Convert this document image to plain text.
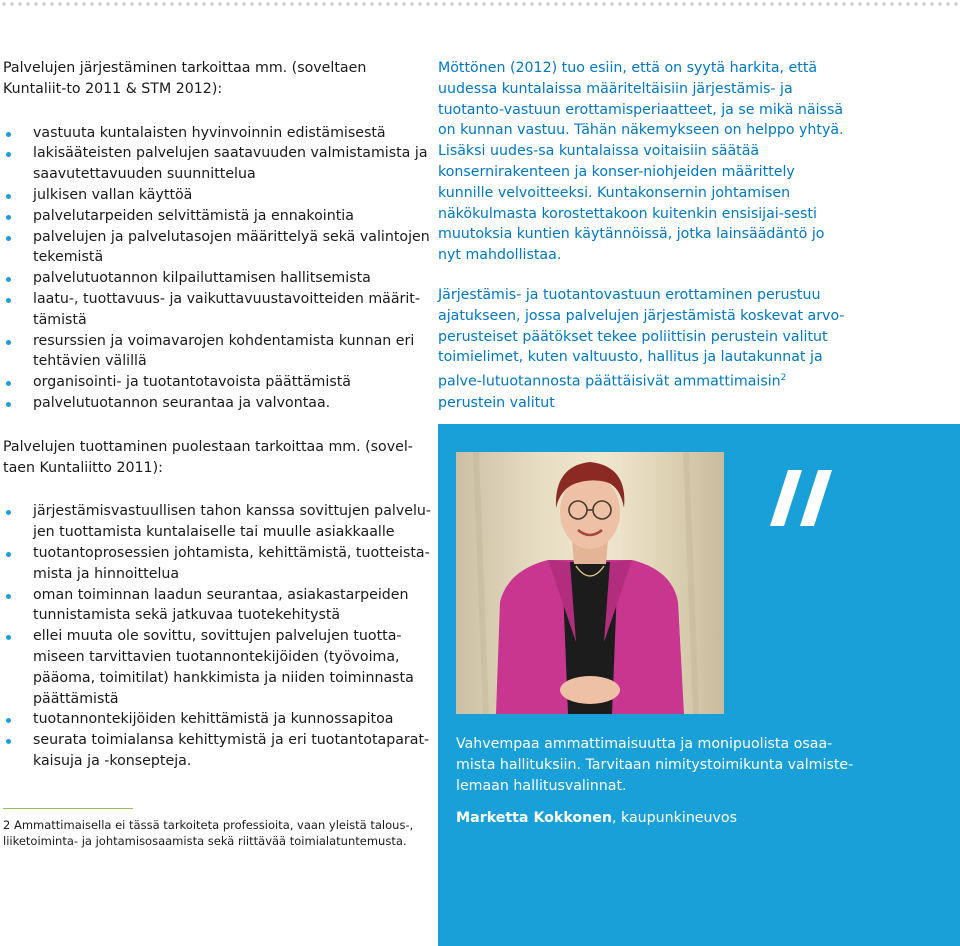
Palvelujen järjestäminen tarkoittaa mm. (soveltaen Kuntaliit-to 2011 & STM 2012):

vastuuta kuntalaisten hyvinvoinnin edistämisestä
lakisääteisten palvelujen saatavuuden valmistamista ja saavutettavuuden suunnittelua
julkisen vallan käyttöä
palvelutarpeiden selvittämistä ja ennakointia
palvelujen ja palvelutasojen määrittelyä sekä valintojen tekemistä
palvelutuotannon kilpailuttamisen hallitsemista
laatu-, tuottavuus- ja vaikuttavuustavoitteiden määrit-tämistä
resurssien ja voimavarojen kohdentamista kunnan eri tehtävien välillä
organisointi- ja tuotantotavoista päättämistä
palvelutuotannon seurantaa ja valvontaa.

Palvelujen tuottaminen puolestaan tarkoittaa mm. (sovel-taen Kuntaliitto 2011):

järjestämisvastuullisen tahon kanssa sovittujen palvelu-jen tuottamista kuntalaiselle tai muulle asiakkaalle
tuotantoprosessien johtamista, kehittämistä, tuotteista-mista ja hinnoittelua
oman toiminnan laadun seurantaa, asiakastarpeiden tunnistamista sekä jatkuvaa tuotekehitystä
ellei muuta ole sovittu, sovittujen palvelujen tuotta-miseen tarvittavien tuotannontekijöiden (työvoima, pääoma, toimitilat) hankkimista ja niiden toiminnasta päättämistä
tuotannontekijöiden kehittämistä ja kunnossapitoa
seurata toimialansa kehittymistä ja eri tuotantotaparat-kaisuja ja -konsepteja.
2 Ammattimaisella ei tässä tarkoiteta professioita, vaan yleistä talous-, liiketoiminta- ja johtamisosaamista sekä riittävää toimialatuntemusta.

Möttönen (2012) tuo esiin, että on syytä harkita, että uudessa kuntalaissa määriteltäisiin järjestämis- ja tuotanto-vastuun erottamisperiaatteet, ja se mikä näissä on kunnan vastuu. Tähän näkemykseen on helppo yhtyä. Lisäksi uudes-sa kuntalaissa voitaisiin säätää konsernirakenteen ja konser-niohjeiden määrittely kunnille velvoitteeksi. Kuntakonsernin johtamisen näkökulmasta korostettakoon kuitenkin ensisijai-sesti muutoksia kuntien käytännöissä, jotka lainsäädäntö jo nyt mahdollistaa.

Järjestämis- ja tuotantovastuun erottaminen perustuu ajatukseen, jossa palvelujen järjestämistä koskevat arvo-perusteiset päätökset tekee poliittisin perustein valitut toimielimet, kuten valtuusto, hallitus ja lautakunnat ja palve-lutuotannosta päättäisivät ammattimaisin$^2$ perustein valitut

Vahvempaa ammattimaisuutta ja monipuolista osaa-mista hallituksiin. Tarvitaan nimitystoimikunta valmiste-lemaan hallitusvalinnat.

Marketta Kokkonen, kaupunkineuvos
